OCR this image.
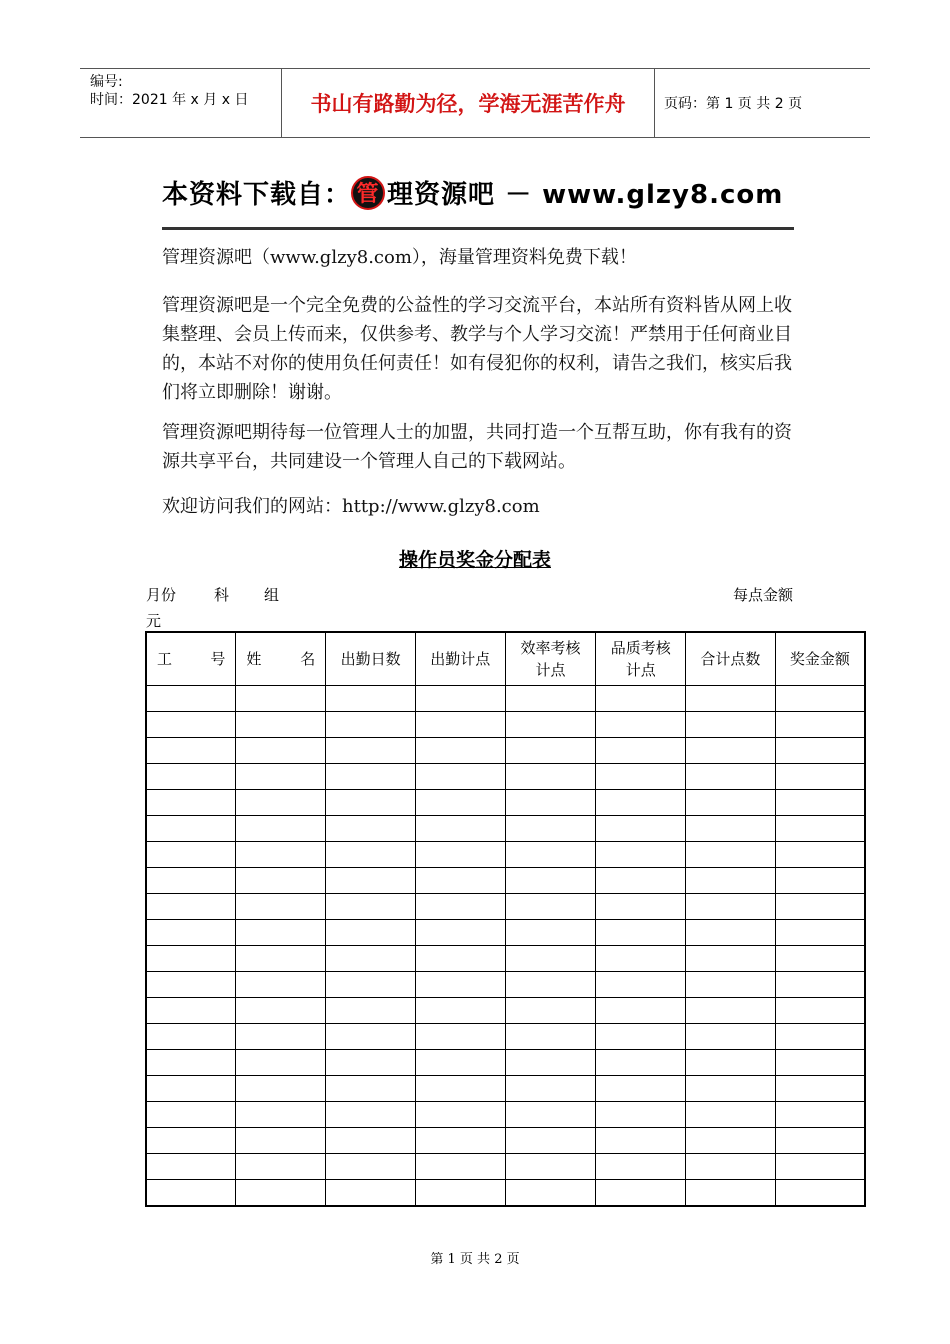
编号:
时间：2021 年 x 月 x 日	书山有路勤为径，学海无涯苦作舟	页码：第 1 页 共 2 页
本资料下载自： 管 理资源吧 － www.glzy8.com

管理资源吧（www.glzy8.com），海量管理资料免费下载！

管理资源吧是一个完全免费的公益性的学习交流平台，本站所有资料皆从网上收集整理、会员上传而来，仅供参考、教学与个人学习交流！严禁用于任何商业目的，本站不对你的使用负任何责任！如有侵犯你的权利，请告之我们，核实后我们将立即删除！谢谢。

管理资源吧期待每一位管理人士的加盟，共同打造一个互帮互助，你有我有的资源共享平台，共同建设一个管理人自己的下载网站。

欢迎访问我们的网站：http://www.glzy8.com

操作员奖金分配表
月份	科 组	每点金额
元
工　　号	姓　　名	出勤日数	出勤计点	效率考核计点	品质考核计点	合计点数	奖金金额

第 1 页 共 2 页
